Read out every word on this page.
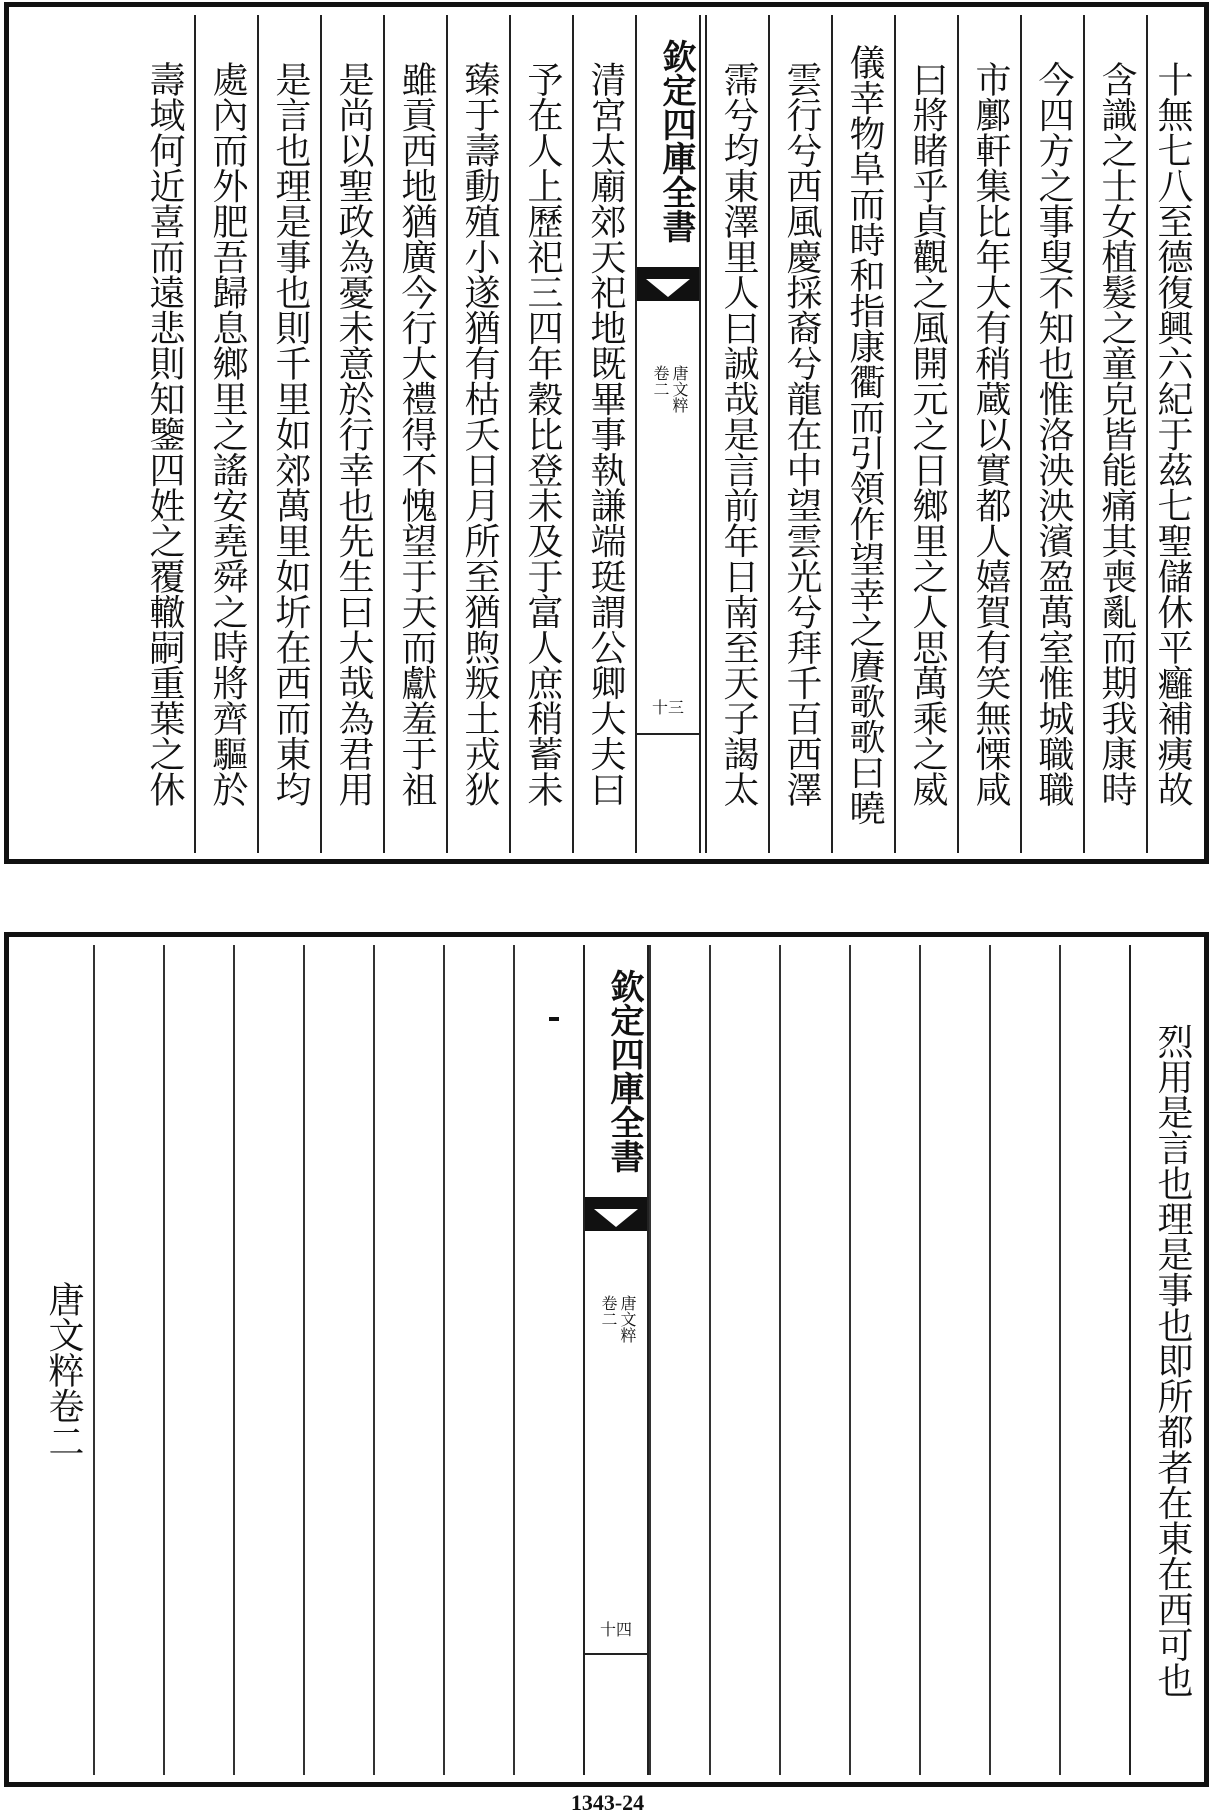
十無七八至德復興六紀于茲七聖儲休平癰補痍故
含識之士女植髮之童皃皆能痛其喪亂而期我康時
今四方之事叟不知也惟洛泱泱濱盈萬室惟城職職
市鄽軒集比年大有稍蔵以實都人嬉賀有笑無慄咸
曰將睹乎貞觀之風開元之日鄉里之人思萬乘之威
儀幸物阜而時和指康衢而引領作望幸之賡歌歌曰曉
雲行兮西風慶採裔兮龍在中望雲光兮拜千百西澤
霈兮均東澤里人曰誠哉是言前年日南至天子謁太
欽定四庫全書
唐文粹
卷二
十三
清宮太廟郊天祀地既畢事執謙端珽謂公卿大夫曰
予在人上歷祀三四年穀比登未及于富人庶稍蓄未
臻于壽動殖小遂猶有枯夭日月所至猶煦叛土戎狄
雖貢西地猶廣今行大禮得不愧望于天而獻羞于祖
是尚以聖政為憂未意於行幸也先生曰大哉為君用
是言也理是事也則千里如郊萬里如圻在西而東均
處內而外肥吾歸息鄉里之謠安堯舜之時將齊驅於
壽域何近喜而遠悲則知鑒四姓之覆轍嗣重葉之休
烈用是言也理是事也即所都者在東在西可也
欽定四庫全書
唐文粹
卷二
十四
唐文粹卷二
1343-24
